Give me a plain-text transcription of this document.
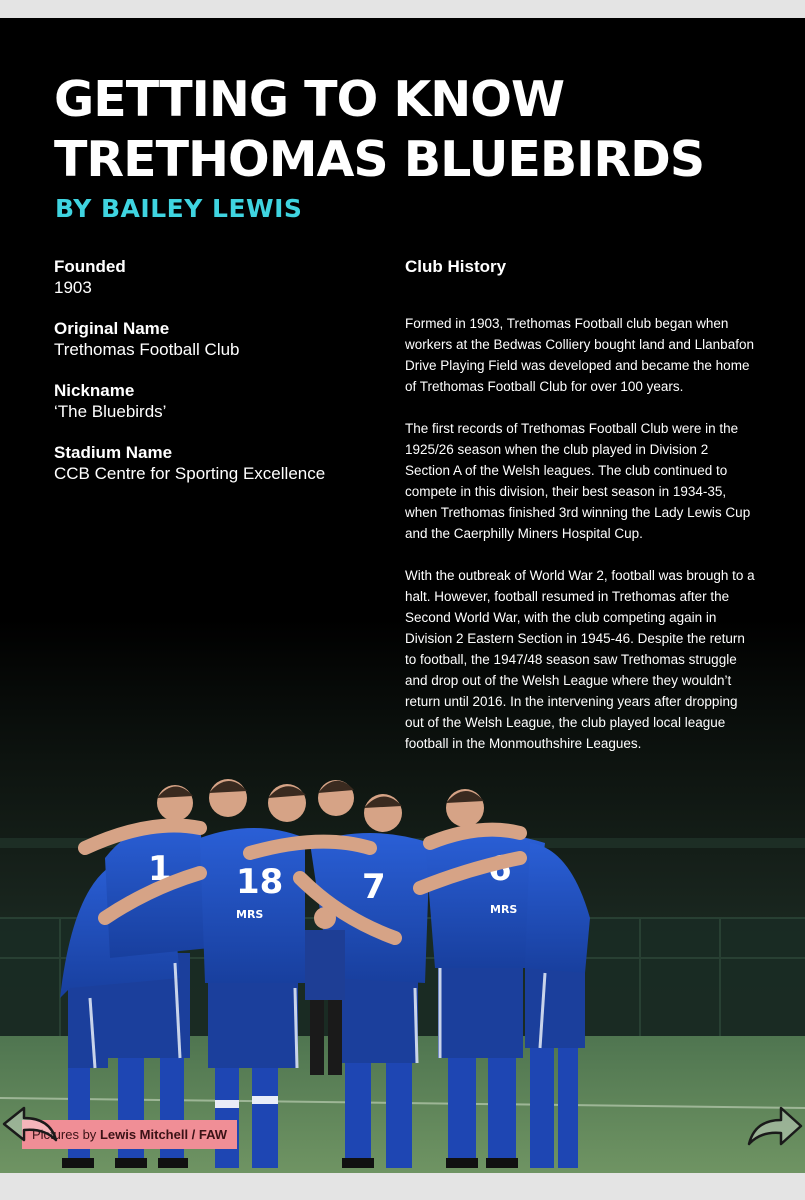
1 18 7	6
MRS	MRS
GETTING TO KNOW
TRETHOMAS BLUEBIRDS
BY BAILEY LEWIS
Founded
1903
Original Name
Trethomas Football Club
Nickname
‘The Bluebirds’
Stadium Name
CCB Centre for Sporting Excellence
Club History

Formed in 1903, Trethomas Football club began when workers at the Bedwas Colliery bought land and Llanbafon Drive Playing Field was developed and became the home of Trethomas Football Club for over 100 years.

The first records of Trethomas Football Club were in the 1925/26 season when the club played in Division 2 Section A of the Welsh leagues. The club continued to compete in this division, their best season in 1934-35, when Trethomas finished 3rd winning the Lady Lewis Cup and the Caerphilly Miners Hospital Cup.

With the outbreak of World War 2, football was brough to a halt. However, football resumed in Trethomas after the Second World War, with the club competing again in Division 2 Eastern Section in 1945-46. Despite the return to football, the 1947/48 season saw Trethomas struggle and drop out of the Welsh League where they wouldn’t return until 2016. In the intervening years after dropping out of the Welsh League, the club played local league football in the Monmouthshire Leagues.

Pictures by Lewis Mitchell / FAW
